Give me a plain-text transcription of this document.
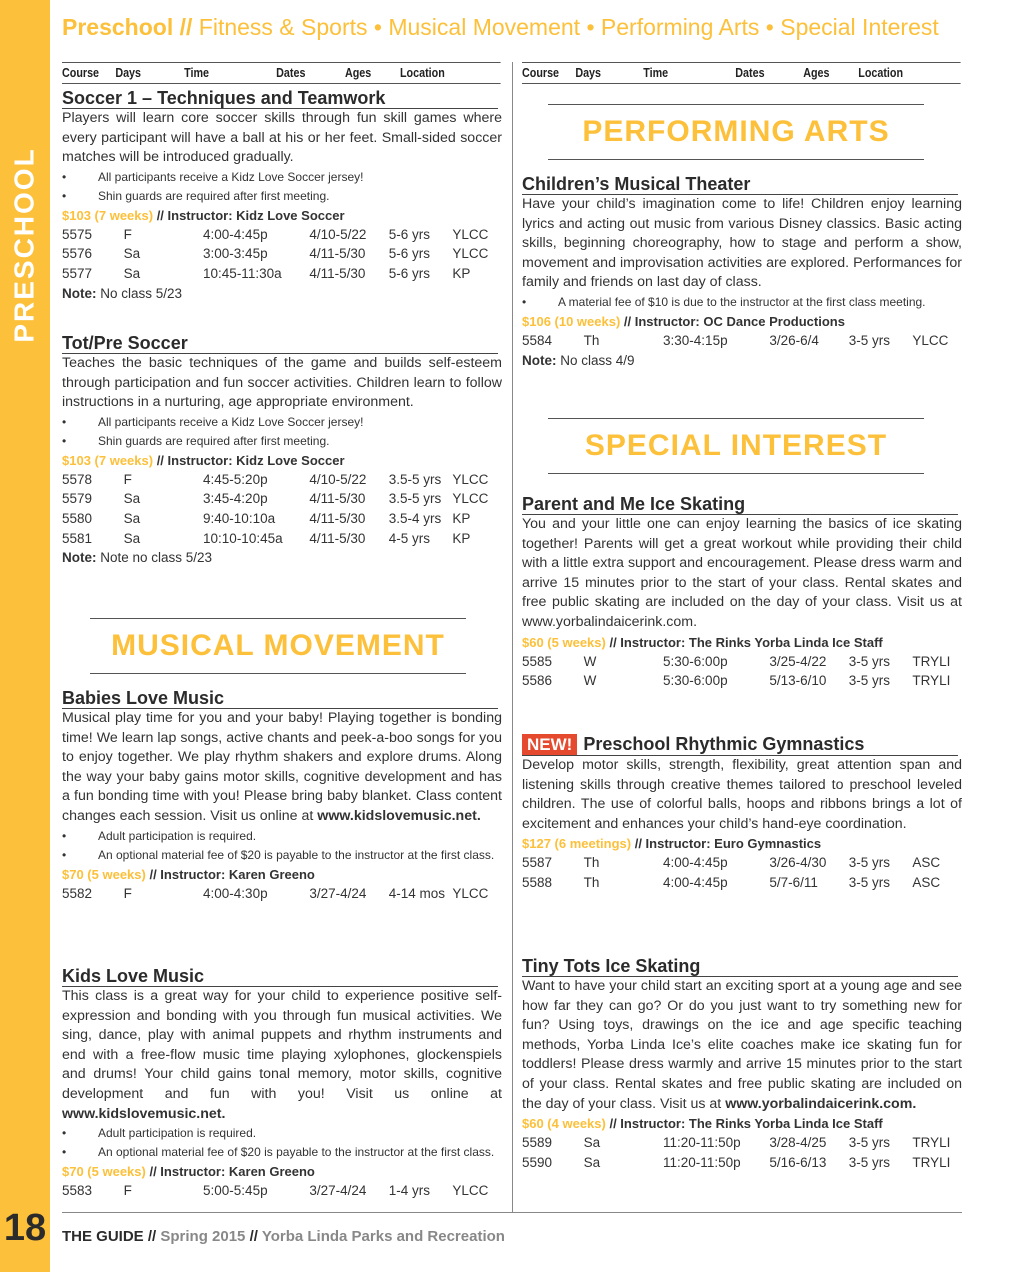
PRESCHOOL
18
Preschool // Fitness & Sports • Musical Movement • Performing Arts • Special Interest
Course	Days	Time	Dates	Ages	Location
Soccer 1 – Techniques and Teamwork

Players will learn core soccer skills through fun skill games where every participant will have a ball at his or her feet. Small-sided soccer matches will be introduced gradually.

• All participants receive a Kidz Love Soccer jersey!
• Shin guards are required after first meeting.
$103 (7 weeks) // Instructor: Kidz Love Soccer
5575	F	4:00-4:45p	4/10-5/22	5-6 yrs	YLCC
5576	Sa	3:00-3:45p	4/11-5/30	5-6 yrs	YLCC
5577	Sa	10:45-11:30a	4/11-5/30	5-6 yrs	KP
Note: No class 5/23
Tot/Pre Soccer

Teaches the basic techniques of the game and builds self-esteem through participation and fun soccer activities. Children learn to follow instructions in a nurturing, age appropriate environment.

• All participants receive a Kidz Love Soccer jersey!
• Shin guards are required after first meeting.
$103 (7 weeks) // Instructor: Kidz Love Soccer
5578	F	4:45-5:20p	4/10-5/22	3.5-5 yrs YLCC
5579	Sa	3:45-4:20p	4/11-5/30	3.5-5 yrs YLCC
5580	Sa	9:40-10:10a	4/11-5/30	3.5-4 yrs KP
5581	Sa	10:10-10:45a	4/11-5/30	4-5 yrs	KP
Note: Note no class 5/23
MUSICAL MOVEMENT
Babies Love Music

Musical play time for you and your baby! Playing together is bonding time! We learn lap songs, active chants and peek-a-boo songs for you to enjoy together. We play rhythm shakers and explore drums. Along the way your baby gains motor skills, cognitive development and has a fun bonding time with you! Please bring baby blanket. Class content changes each session. Visit us online at www.kidslovemusic.net.

• Adult participation is required.
• An optional material fee of $20 is payable to the instructor at the first class.
$70 (5 weeks) // Instructor: Karen Greeno
5582	F	4:00-4:30p	3/27-4/24	4-14 mos YLCC
Kids Love Music

This class is a great way for your child to experience positive self-expression and bonding with you through fun musical activities. We sing, dance, play with animal puppets and rhythm instruments and end with a free-flow music time playing xylophones, glockenspiels and drums! Your child gains tonal memory, motor skills, cognitive development and fun with you! Visit us online at www.kidslovemusic.net.

• Adult participation is required.
• An optional material fee of $20 is payable to the instructor at the first class.
$70 (5 weeks) // Instructor: Karen Greeno
5583	F	5:00-5:45p	3/27-4/24	1-4 yrs	YLCC
Course	Days	Time	Dates	Ages	Location
PERFORMING ARTS
Children’s Musical Theater

Have your child’s imagination come to life! Children enjoy learning lyrics and acting out music from various Disney classics. Basic acting skills, beginning choreography, how to stage and perform a show, movement and improvisation activities are explored. Performances for family and friends on last day of class.

• A material fee of $10 is due to the instructor at the first class meeting.
$106 (10 weeks) // Instructor: OC Dance Productions
5584	Th	3:30-4:15p	3/26-6/4	3-5 yrs	YLCC
Note: No class 4/9
SPECIAL INTEREST
Parent and Me Ice Skating

You and your little one can enjoy learning the basics of ice skating together! Parents will get a great workout while providing their child with a little extra support and encouragement. Please dress warm and arrive 15 minutes prior to the start of your class. Rental skates and free public skating are included on the day of your class. Visit us at www.yorbalindaicerink.com.

$60 (5 weeks) // Instructor: The Rinks Yorba Linda Ice Staff
5585	W	5:30-6:00p	3/25-4/22	3-5 yrs	TRYLI
5586	W	5:30-6:00p	5/13-6/10	3-5 yrs	TRYLI
NEW! Preschool Rhythmic Gymnastics

Develop motor skills, strength, flexibility, great attention span and listening skills through creative themes tailored to preschool leveled children. The use of colorful balls, hoops and ribbons brings a lot of excitement and enhances your child’s hand-eye coordination.

$127 (6 meetings) // Instructor: Euro Gymnastics
5587	Th	4:00-4:45p	3/26-4/30	3-5 yrs	ASC
5588	Th	4:00-4:45p	5/7-6/11	3-5 yrs	ASC
Tiny Tots Ice Skating

Want to have your child start an exciting sport at a young age and see how far they can go? Or do you just want to try something new for fun? Using toys, drawings on the ice and age specific teaching methods, Yorba Linda Ice’s elite coaches make ice skating fun for toddlers! Please dress warmly and arrive 15 minutes prior to the start of your class. Rental skates and free public skating are included on the day of your class. Visit us at www.yorbalindaicerink.com.

$60 (4 weeks) // Instructor: The Rinks Yorba Linda Ice Staff
5589	Sa	11:20-11:50p	3/28-4/25	3-5 yrs	TRYLI
5590	Sa	11:20-11:50p	5/16-6/13	3-5 yrs	TRYLI
THE GUIDE // Spring 2015 // Yorba Linda Parks and Recreation
